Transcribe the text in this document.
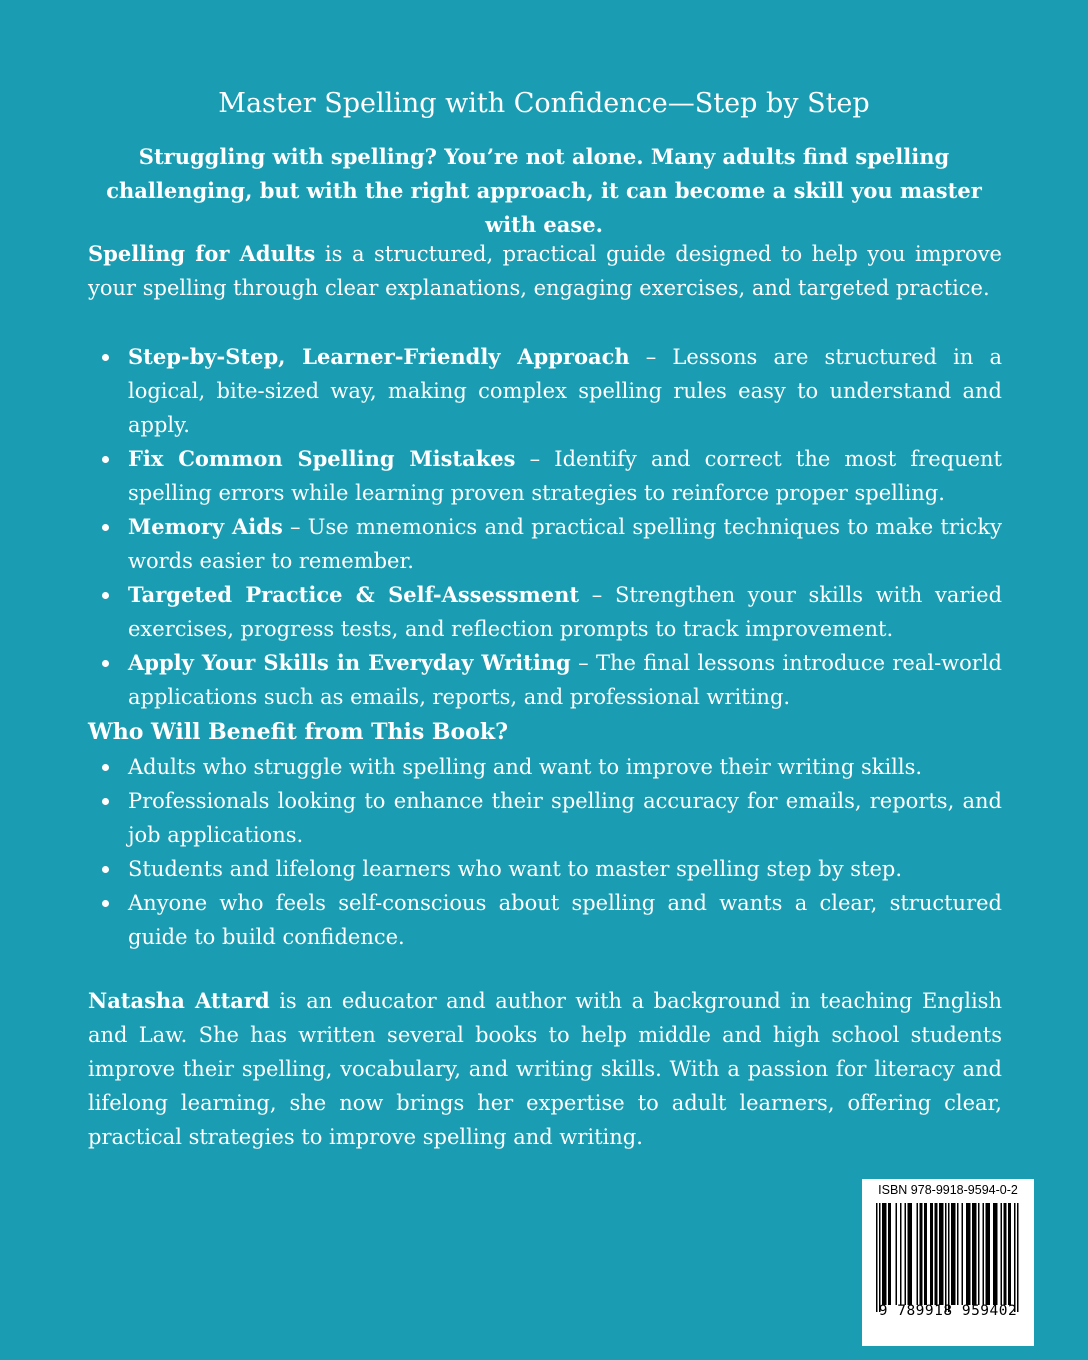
Master Spelling with Confidence—Step by Step

Struggling with spelling? You’re not alone. Many adults find spelling challenging, but with the right approach, it can become a skill you master with ease.

Spelling for Adults is a structured, practical guide designed to help you improve your spelling through clear explanations, engaging exercises, and targeted practice.

Step-by-Step, Learner-Friendly Approach – Lessons are structured in a logical, bite-sized way, making complex spelling rules easy to understand and apply.
Fix Common Spelling Mistakes – Identify and correct the most frequent spelling errors while learning proven strategies to reinforce proper spelling.
Memory Aids – Use mnemonics and practical spelling techniques to make tricky words easier to remember.
Targeted Practice & Self-Assessment – Strengthen your skills with varied exercises, progress tests, and reflection prompts to track improvement.
Apply Your Skills in Everyday Writing – The final lessons introduce real-world applications such as emails, reports, and professional writing.
Who Will Benefit from This Book?
Adults who struggle with spelling and want to improve their writing skills.
Professionals looking to enhance their spelling accuracy for emails, reports, and job applications.
Students and lifelong learners who want to master spelling step by step.
Anyone who feels self-conscious about spelling and wants a clear, structured guide to build confidence.

Natasha Attard is an educator and author with a background in teaching English and Law. She has written several books to help middle and high school students improve their spelling, vocabulary, and writing skills. With a passion for literacy and lifelong learning, she now brings her expertise to adult learners, offering clear, practical strategies to improve spelling and writing.

ISBN 978-9918-9594-0-2
9 789918 959402
